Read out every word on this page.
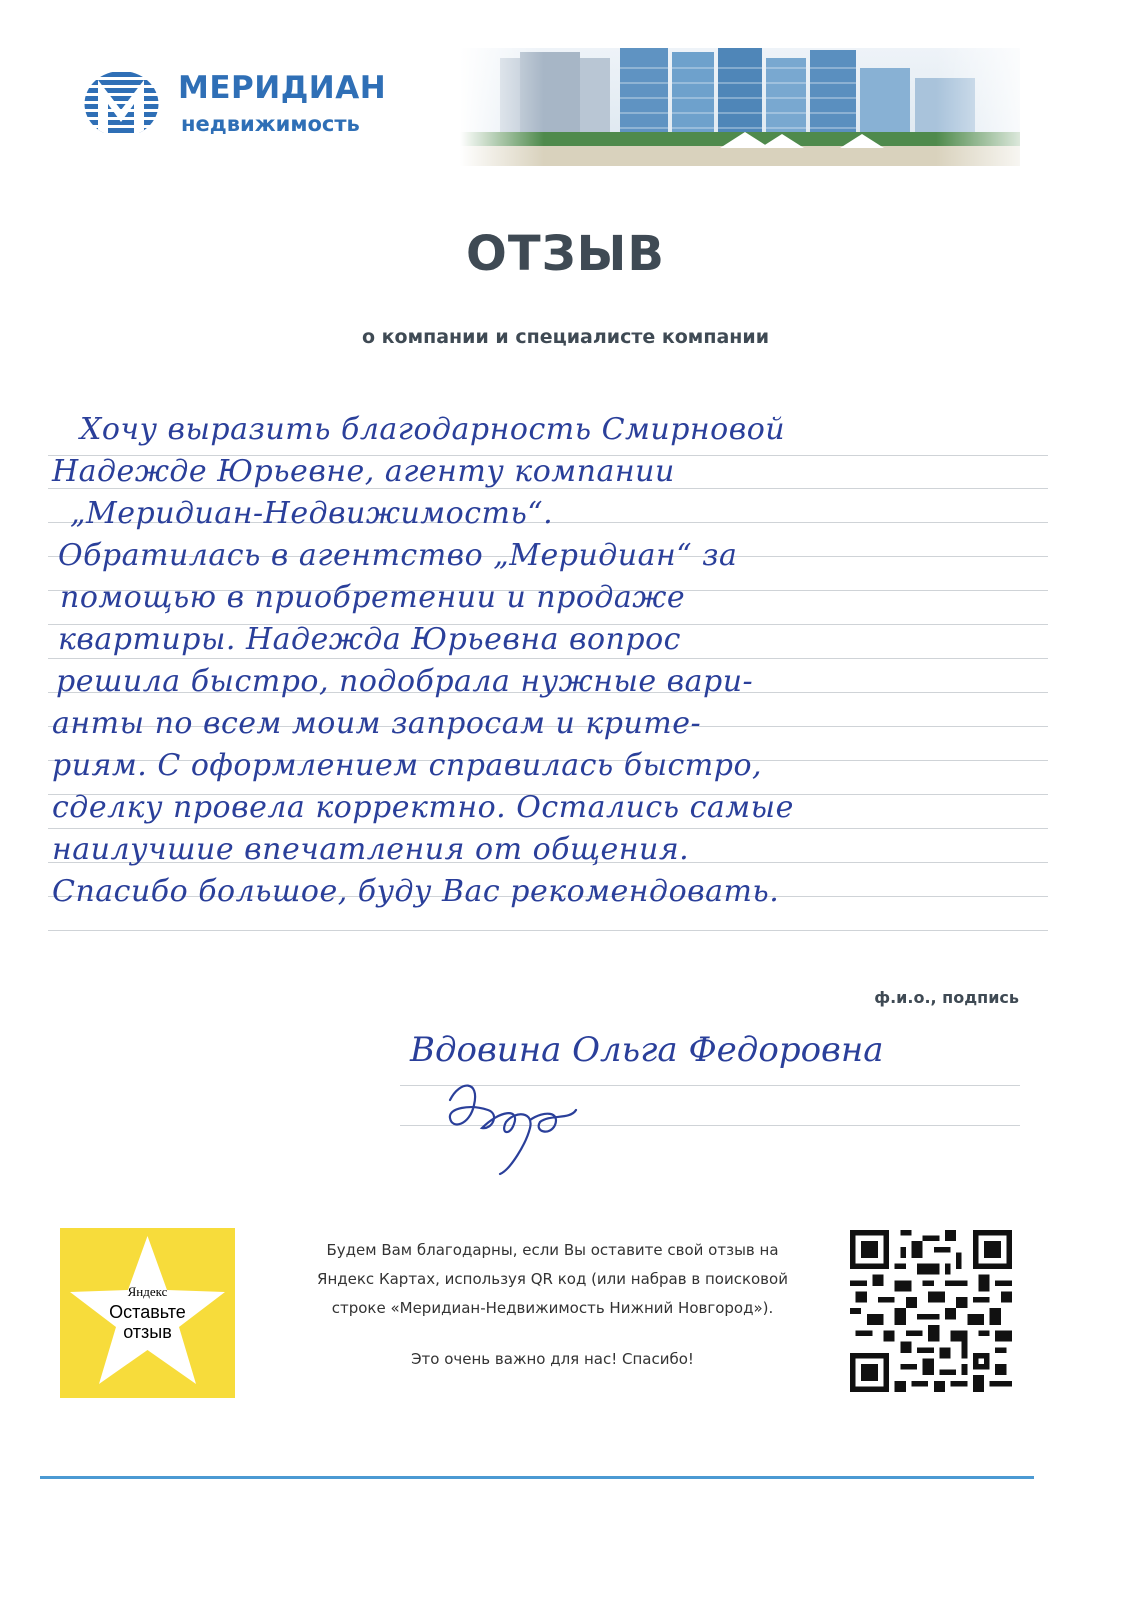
МЕРИДИАН
недвижимость
ОТЗЫВ
о компании и специалисте компании
Хочу выразить благодарность Смирновой
Надежде Юрьевне, агенту компании
„Меридиан-Недвижимость“.
Обратилась в агентство „Меридиан“ за
помощью в приобретении и продаже
квартиры. Надежда Юрьевна вопрос
решила быстро, подобрала нужные вари-
анты по всем моим запросам и крите-
риям. С оформлением справилась быстро,
сделку провела корректно. Остались самые
наилучшие впечатления от общения.
Спасибо большое, буду Вас рекомендовать.
ф.и.о., подпись
Вдовина Ольга Федоровна
Яндекс
Оставьте
отзыв
Будем Вам благодарны, если Вы оставите свой отзыв на
Яндекс Картах, используя QR код (или набрав в поисковой
строке «Меридиан-Недвижимость Нижний Новгород»).
Это очень важно для нас! Спасибо!
